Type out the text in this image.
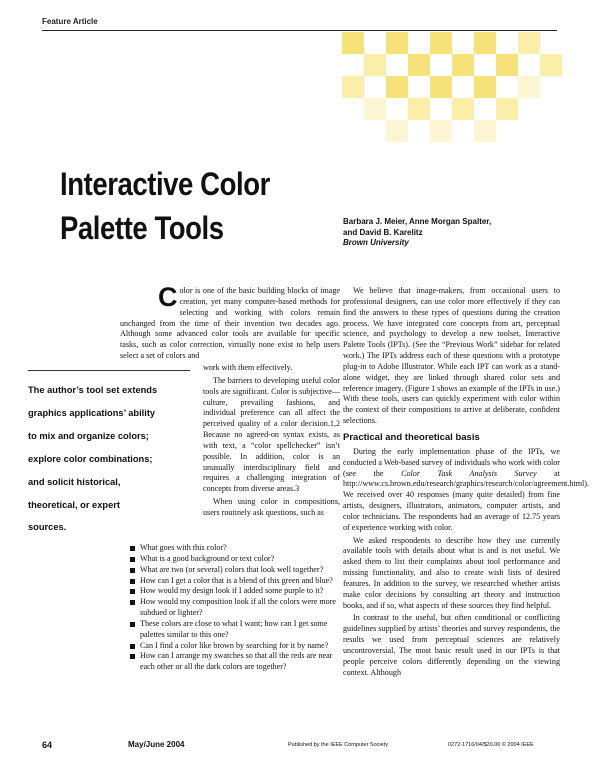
Feature Article
Interactive Color
Palette Tools	Barbara J. Meier, Anne Morgan Spalter,
and David B. Karelitz
Brown University

Color is one of the basic building blocks of image creation, yet many computer-based methods for selecting and working with colors remain unchanged from the time of their invention two decades ago. Although some advanced color tools are available for specific tasks, such as color correction, virtually none exist to help users select a set of colors and

work with them effectively.

The barriers to developing useful color tools are significant. Color is subjective—culture, prevailing fashions, and individual preference can all affect the perceived quality of a color decision.1,2 Because no agreed-on syntax exists, as with text, a “color spellchecker” isn’t possible. In addition, color is an unusually interdisciplinary field and requires a challenging integration of concepts from diverse areas.3

When using color in compositions, users routinely ask questions, such as

The author’s tool set extends
graphics applications’ ability
to mix and organize colors;
explore color combinations;
and solicit historical,
theoretical, or expert
sources.
What goes with this color?
What is a good background or text color?
What are two (or several) colors that look well together?
How can I get a color that is a blend of this green and blue?
How would my design look if I added some purple to it?
How would my composition look if all the colors were more subdued or lighter?
These colors are close to what I want; how can I get some palettes similar to this one?
Can I find a color like brown by searching for it by name?
How can I arrange my swatches so that all the reds are near each other or all the dark colors are together?

We believe that image-makers, from occasional users to professional designers, can use color more effectively if they can find the answers to these types of questions during the creation process. We have integrated core concepts from art, perceptual science, and psychology to develop a new toolset, Interactive Palette Tools (IPTs). (See the “Previous Work” sidebar for related work.) The IPTs address each of these questions with a prototype plug-in to Adobe Illustrator. While each IPT can work as a stand-alone widget, they are linked through shared color sets and reference imagery. (Figure 1 shows an example of the IPTs in use.) With these tools, users can quickly experiment with color within the context of their compositions to arrive at deliberate, confident selections.

Practical and theoretical basis

During the early implementation phase of the IPTs, we conducted a Web-based survey of individuals who work with color (see the Color Task Analysis Survey at http://www.cs.brown.edu/research/graphics/research/color/agreement.html). We received over 40 responses (many quite detailed) from fine artists, designers, illustrators, animators, computer artists, and color technicians. The respondents had an average of 12.75 years of experience working with color.

We asked respondents to describe how they use currently available tools with details about what is and is not useful. We asked them to list their complaints about tool performance and missing functionality, and also to create wish lists of desired features. In addition to the survey, we researched whether artists make color decisions by consulting art theory and instruction books, and if so, what aspects of these sources they find helpful.

In contrast to the useful, but often conditional or conflicting guidelines supplied by artists’ theories and survey respondents, the results we used from perceptual sciences are relatively uncontroversial. The most basic result used in our IPTs is that people perceive colors differently depending on the viewing context. Although

64	May/June 2004	Published by the IEEE Computer Society	0272-1716/04/$20.00 © 2004 IEEE
